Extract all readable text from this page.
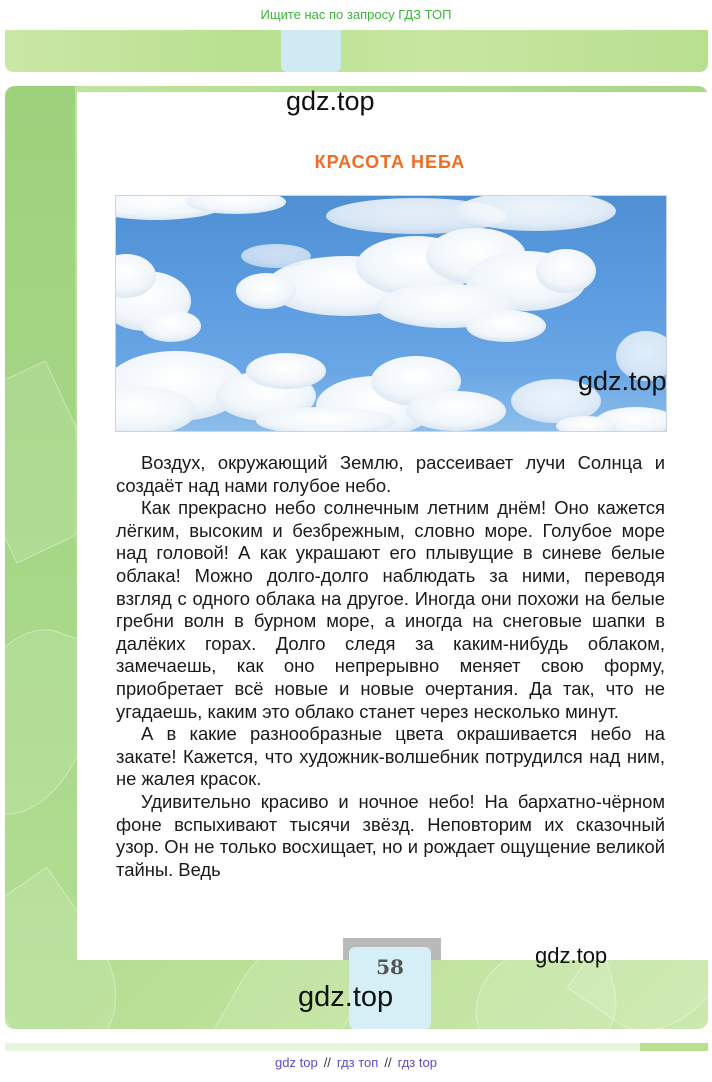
Ищите нас по запросу ГДЗ ТОП
gdz.top
КРАСОТА НЕБА
gdz.top

Воздух, окружающий Землю, рассеивает лучи Солнца и создаёт над нами голубое небо.

Как прекрасно небо солнечным летним днём! Оно кажется лёгким, высоким и безбрежным, словно море. Голубое море над головой! А как украшают его плывущие в синеве белые облака! Можно долго-долго наблюдать за ними, переводя взгляд с одного облака на другое. Иногда они похожи на белые гребни волн в бурном море, а иногда на снеговые шапки в далёких горах. Долго следя за каким-нибудь облаком, замечаешь, как оно непрерывно меняет свою форму, приобретает всё новые и новые очертания. Да так, что не угадаешь, каким это облако станет через несколько минут.

А в какие разнообразные цвета окрашивается небо на закате! Кажется, что художник-волшебник потрудился над ним, не жалея красок.

Удивительно красиво и ночное небо! На бархатно-чёрном фоне вспыхивают тысячи звёзд. Неповторим их сказочный узор. Он не только восхищает, но и рождает ощущение великой тайны. Ведь

58	gdz.top
gdz.top
gdz top // гдз топ // гдз top
